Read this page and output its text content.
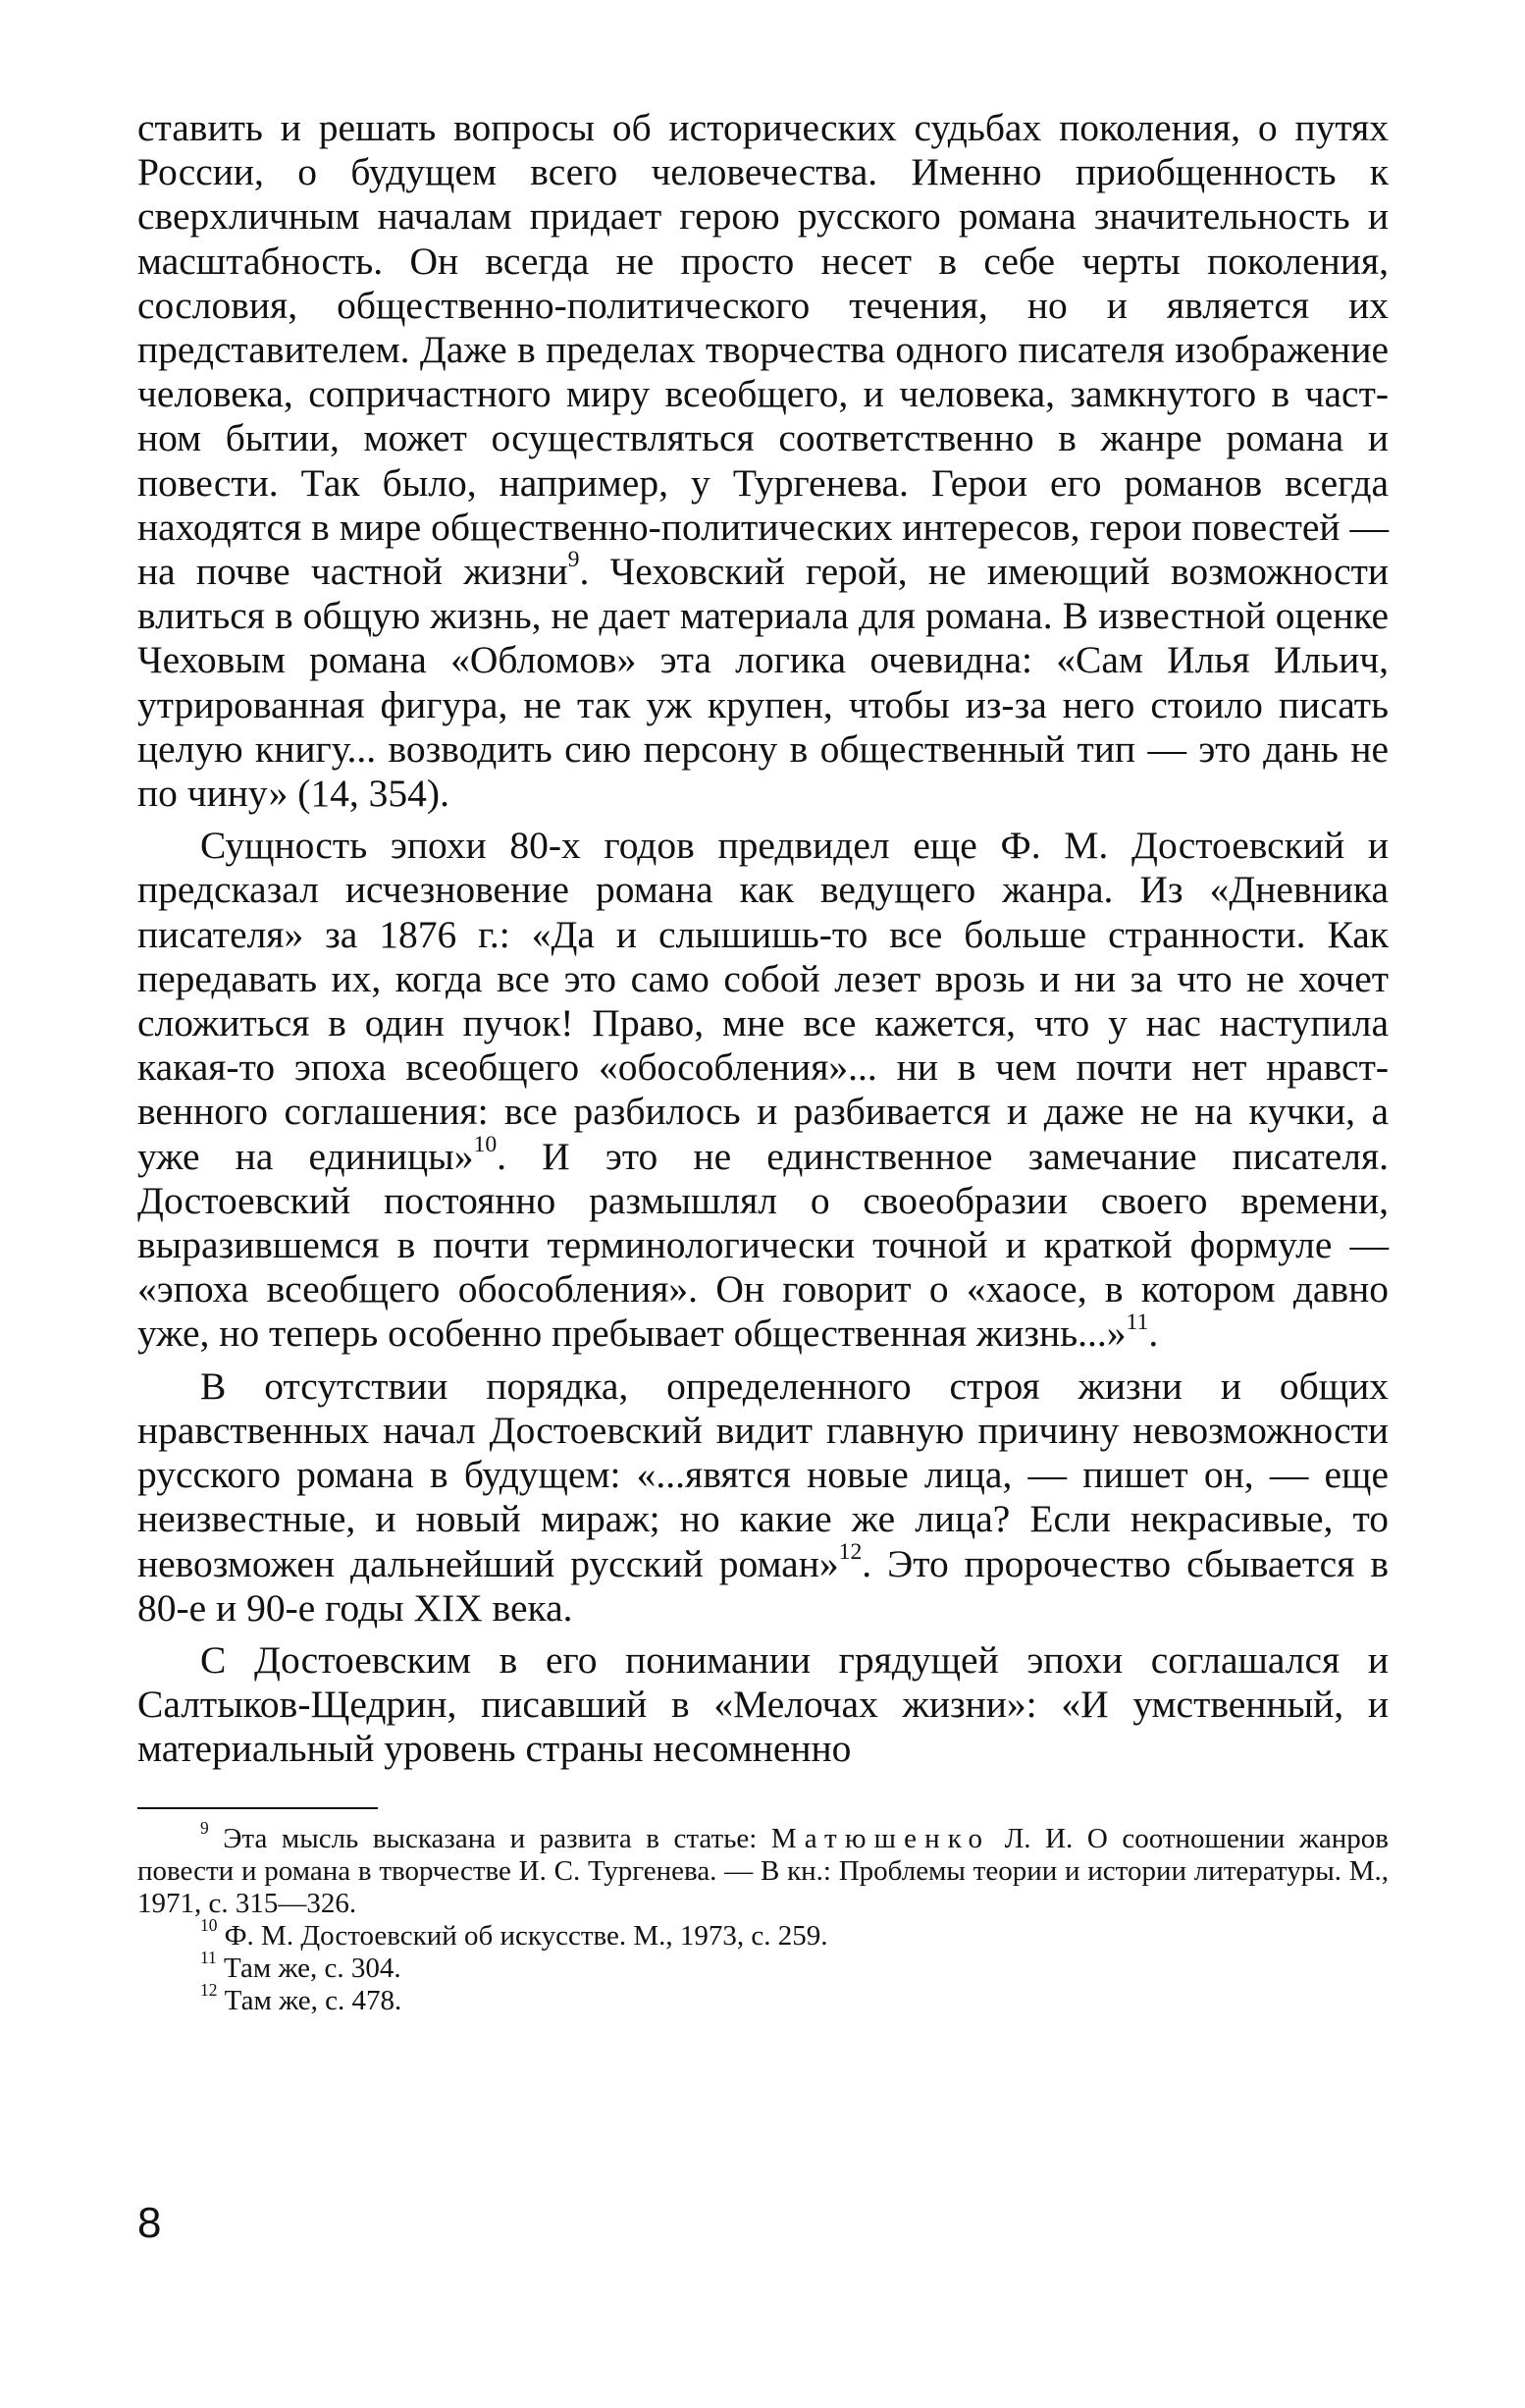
ставить и решать вопросы об исторических судьбах поколения, о путях России, о будущем всего человечества. Именно приобщенность к сверхличным началам придает герою русского романа значительность и масштабность. Он всегда не просто несет в себе черты поколения, сословия, общественно-политического течения, но и является их представителем. Даже в пределах творчества одного писателя изображение человека, сопричастного миру всеобщего, и человека, замкнутого в частном бытии, может осуществляться соответственно в жанре романа и повести. Так было, например, у Тургенева. Герои его романов всегда находятся в мире общественно-политических интересов, герои повестей — на почве частной жизни$^9$. Чеховский герой, не имеющий возможности влиться в общую жизнь, не дает материала для романа. В известной оценке Чеховым романа «Обломов» эта логика очевидна: «Сам Илья Ильич, утрированная фигура, не так уж крупен, чтобы из-за него стоило писать целую книгу... возводить сию персону в общественный тип — это дань не по чину» (14, 354).

Сущность эпохи 80-х годов предвидел еще Ф. М. Достоевский и предсказал исчезновение романа как ведущего жанра. Из «Дневника писателя» за 1876 г.: «Да и слышишь-то все больше странности. Как передавать их, когда все это само собой лезет врозь и ни за что не хочет сложиться в один пучок! Право, мне все кажется, что у нас наступила какая-то эпоха всеобщего «обособления»... ни в чем почти нет нравственного соглашения: все разбилось и разбивается и даже не на кучки, а уже на единицы»$^{10}$. И это не единственное замечание писателя. Достоевский постоянно размышлял о своеобразии своего времени, выразившемся в почти терминологически точной и краткой формуле — «эпоха всеобщего обособления». Он говорит о «хаосе, в котором давно уже, но теперь особенно пребывает общественная жизнь...»$^{11}$.

В отсутствии порядка, определенного строя жизни и общих нравственных начал Достоевский видит главную причину невозможности русского романа в будущем: «...явятся новые лица, — пишет он, — еще неизвестные, и новый мираж; но какие же лица? Если некрасивые, то невозможен дальнейший русский роман»$^{12}$. Это пророчество сбывается в 80-е и 90-е годы XIX века.

С Достоевским в его понимании грядущей эпохи соглашался и Салтыков-Щедрин, писавший в «Мелочах жизни»: «И умственный, и материальный уровень страны несомненно

$^9$ Эта мысль высказана и развита в статье: Матюшенко Л. И. О соотношении жанров повести и романа в творчестве И. С. Тургенева. — В кн.: Проблемы теории и истории литературы. М., 1971, с. 315—326.

$^{10}$ Ф. М. Достоевский об искусстве. М., 1973, с. 259.

$^{11}$ Там же, с. 304.

$^{12}$ Там же, с. 478.

8
